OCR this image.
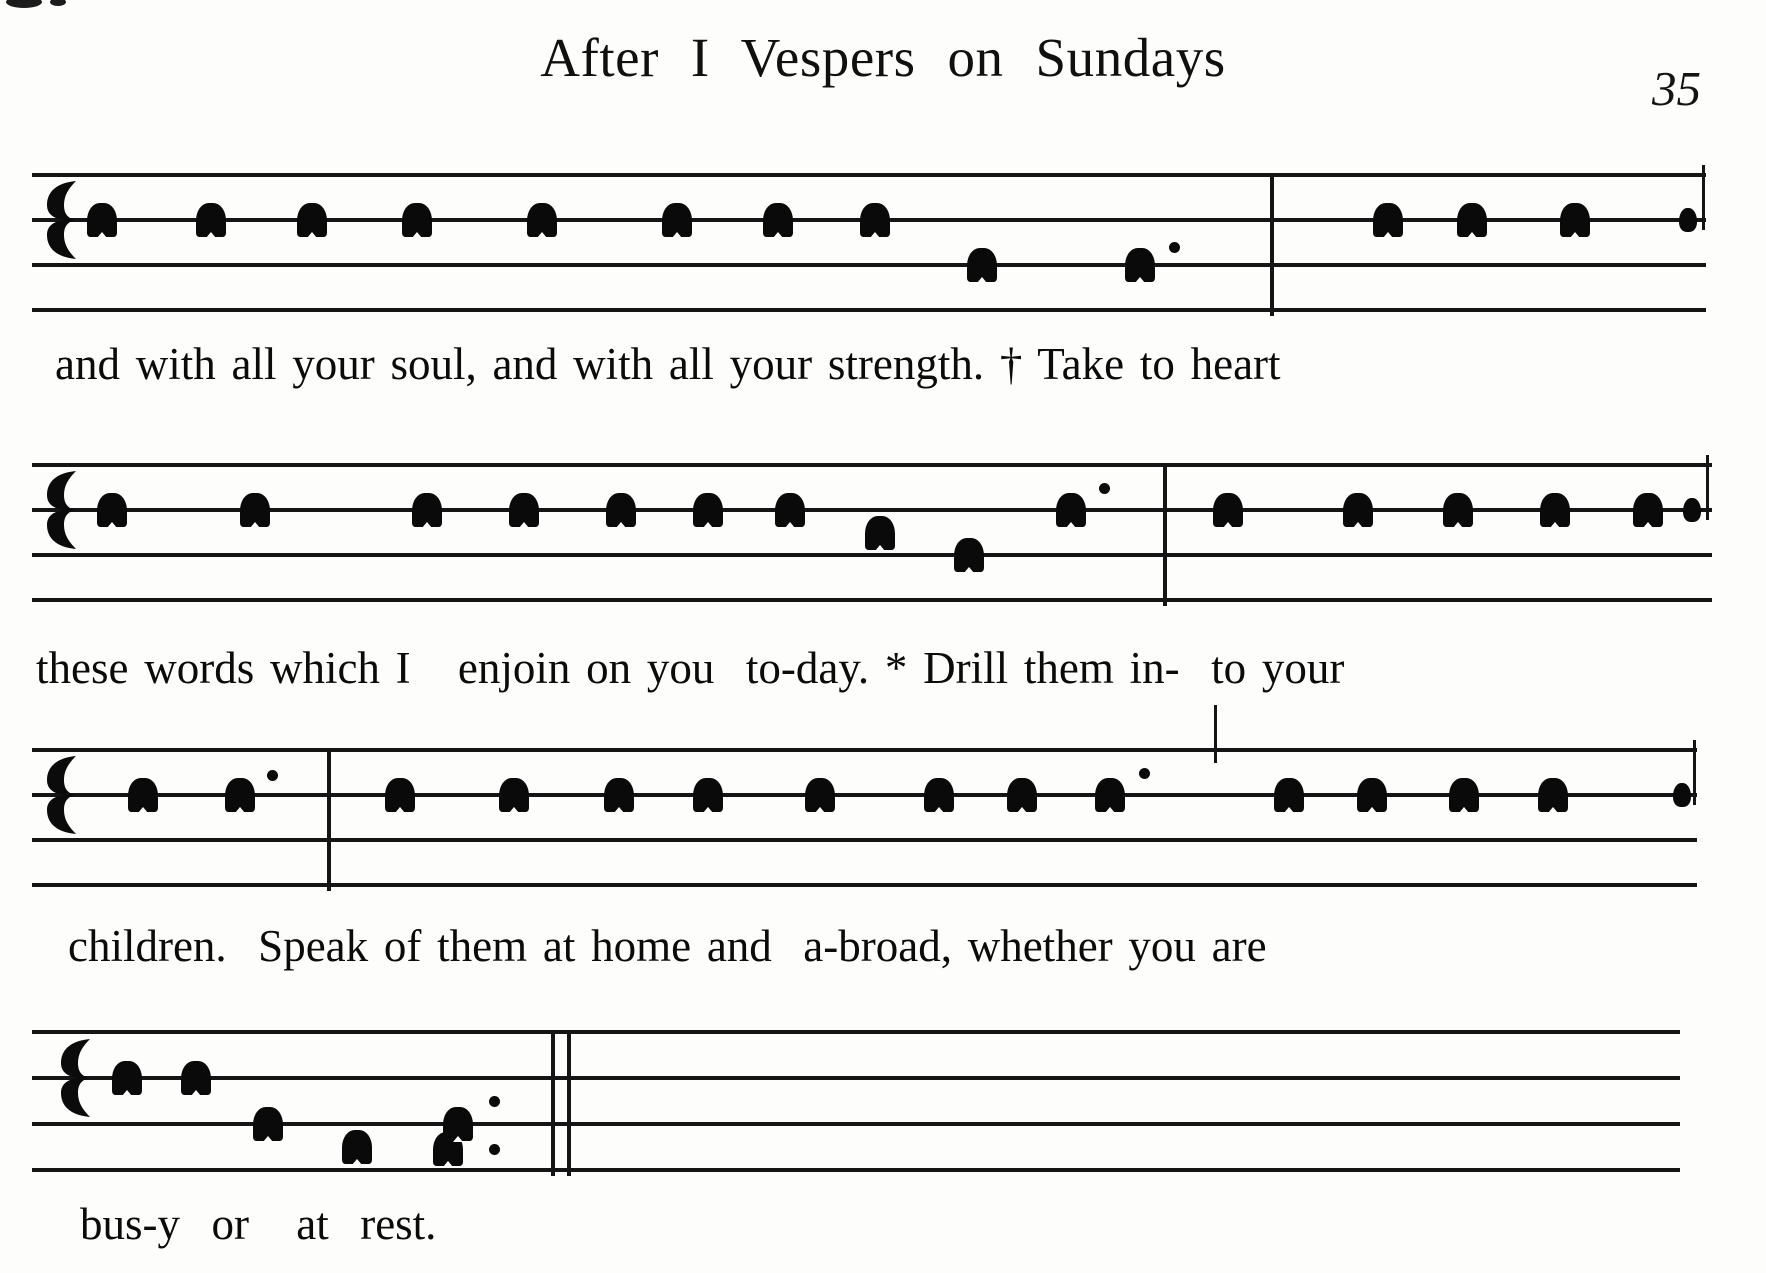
After I Vespers on Sundays
35
and with all your soul, and with all your strength. † Take to heart
these words which I   enjoin on you  to-day. * Drill them in-  to your
children.  Speak of them at home and  a-broad, whether you are
bus-y  or   at  rest.
